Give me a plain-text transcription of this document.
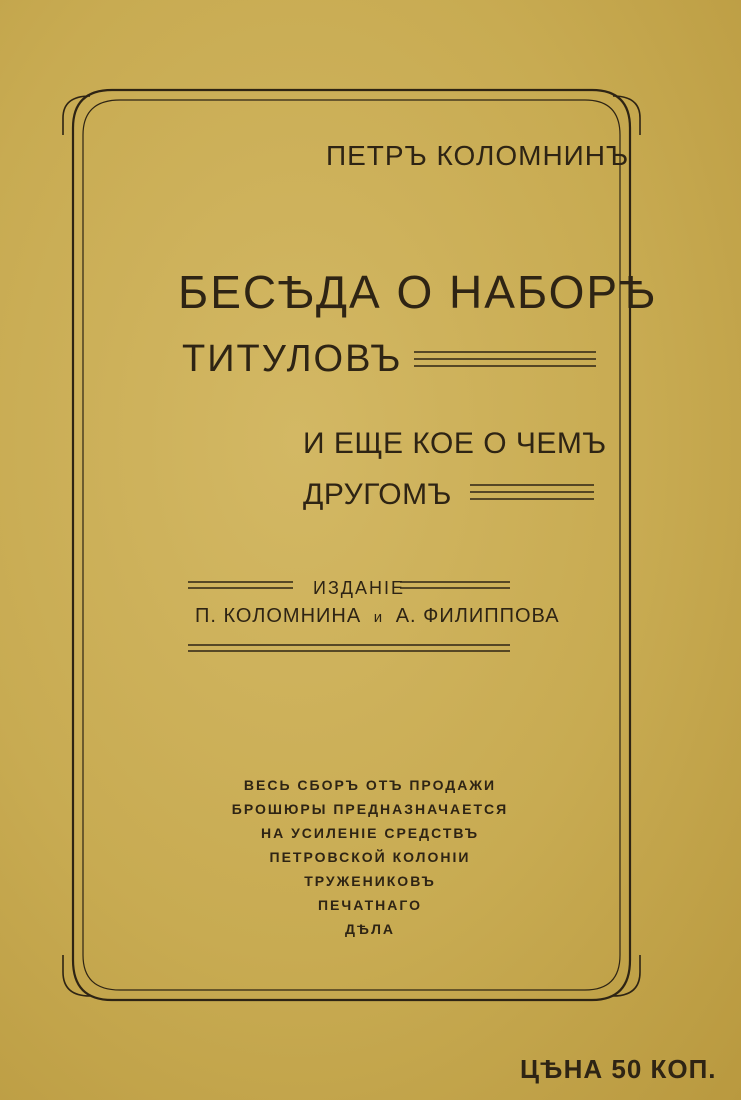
ПЕТРЪ КОЛОМНИНЪ
БЕСѢДА О НАБОРѢ
ТИТУЛОВЪ
И ЕЩЕ КОЕ О ЧЕМЪ
ДРУГОМЪ
ИЗДАНІЕ
П. КОЛОМНИНА и А. ФИЛИППОВА
ВЕСЬ СБОРЪ ОТЪ ПРОДАЖИ
БРОШЮРЫ ПРЕДНАЗНАЧАЕТСЯ
НА УСИЛЕНІЕ СРЕДСТВЪ
ПЕТРОВСКОЙ КОЛОНІИ
ТРУЖЕНИКОВЪ
ПЕЧАТНАГО
ДѢЛА
ЦѢНА 50 КОП.
